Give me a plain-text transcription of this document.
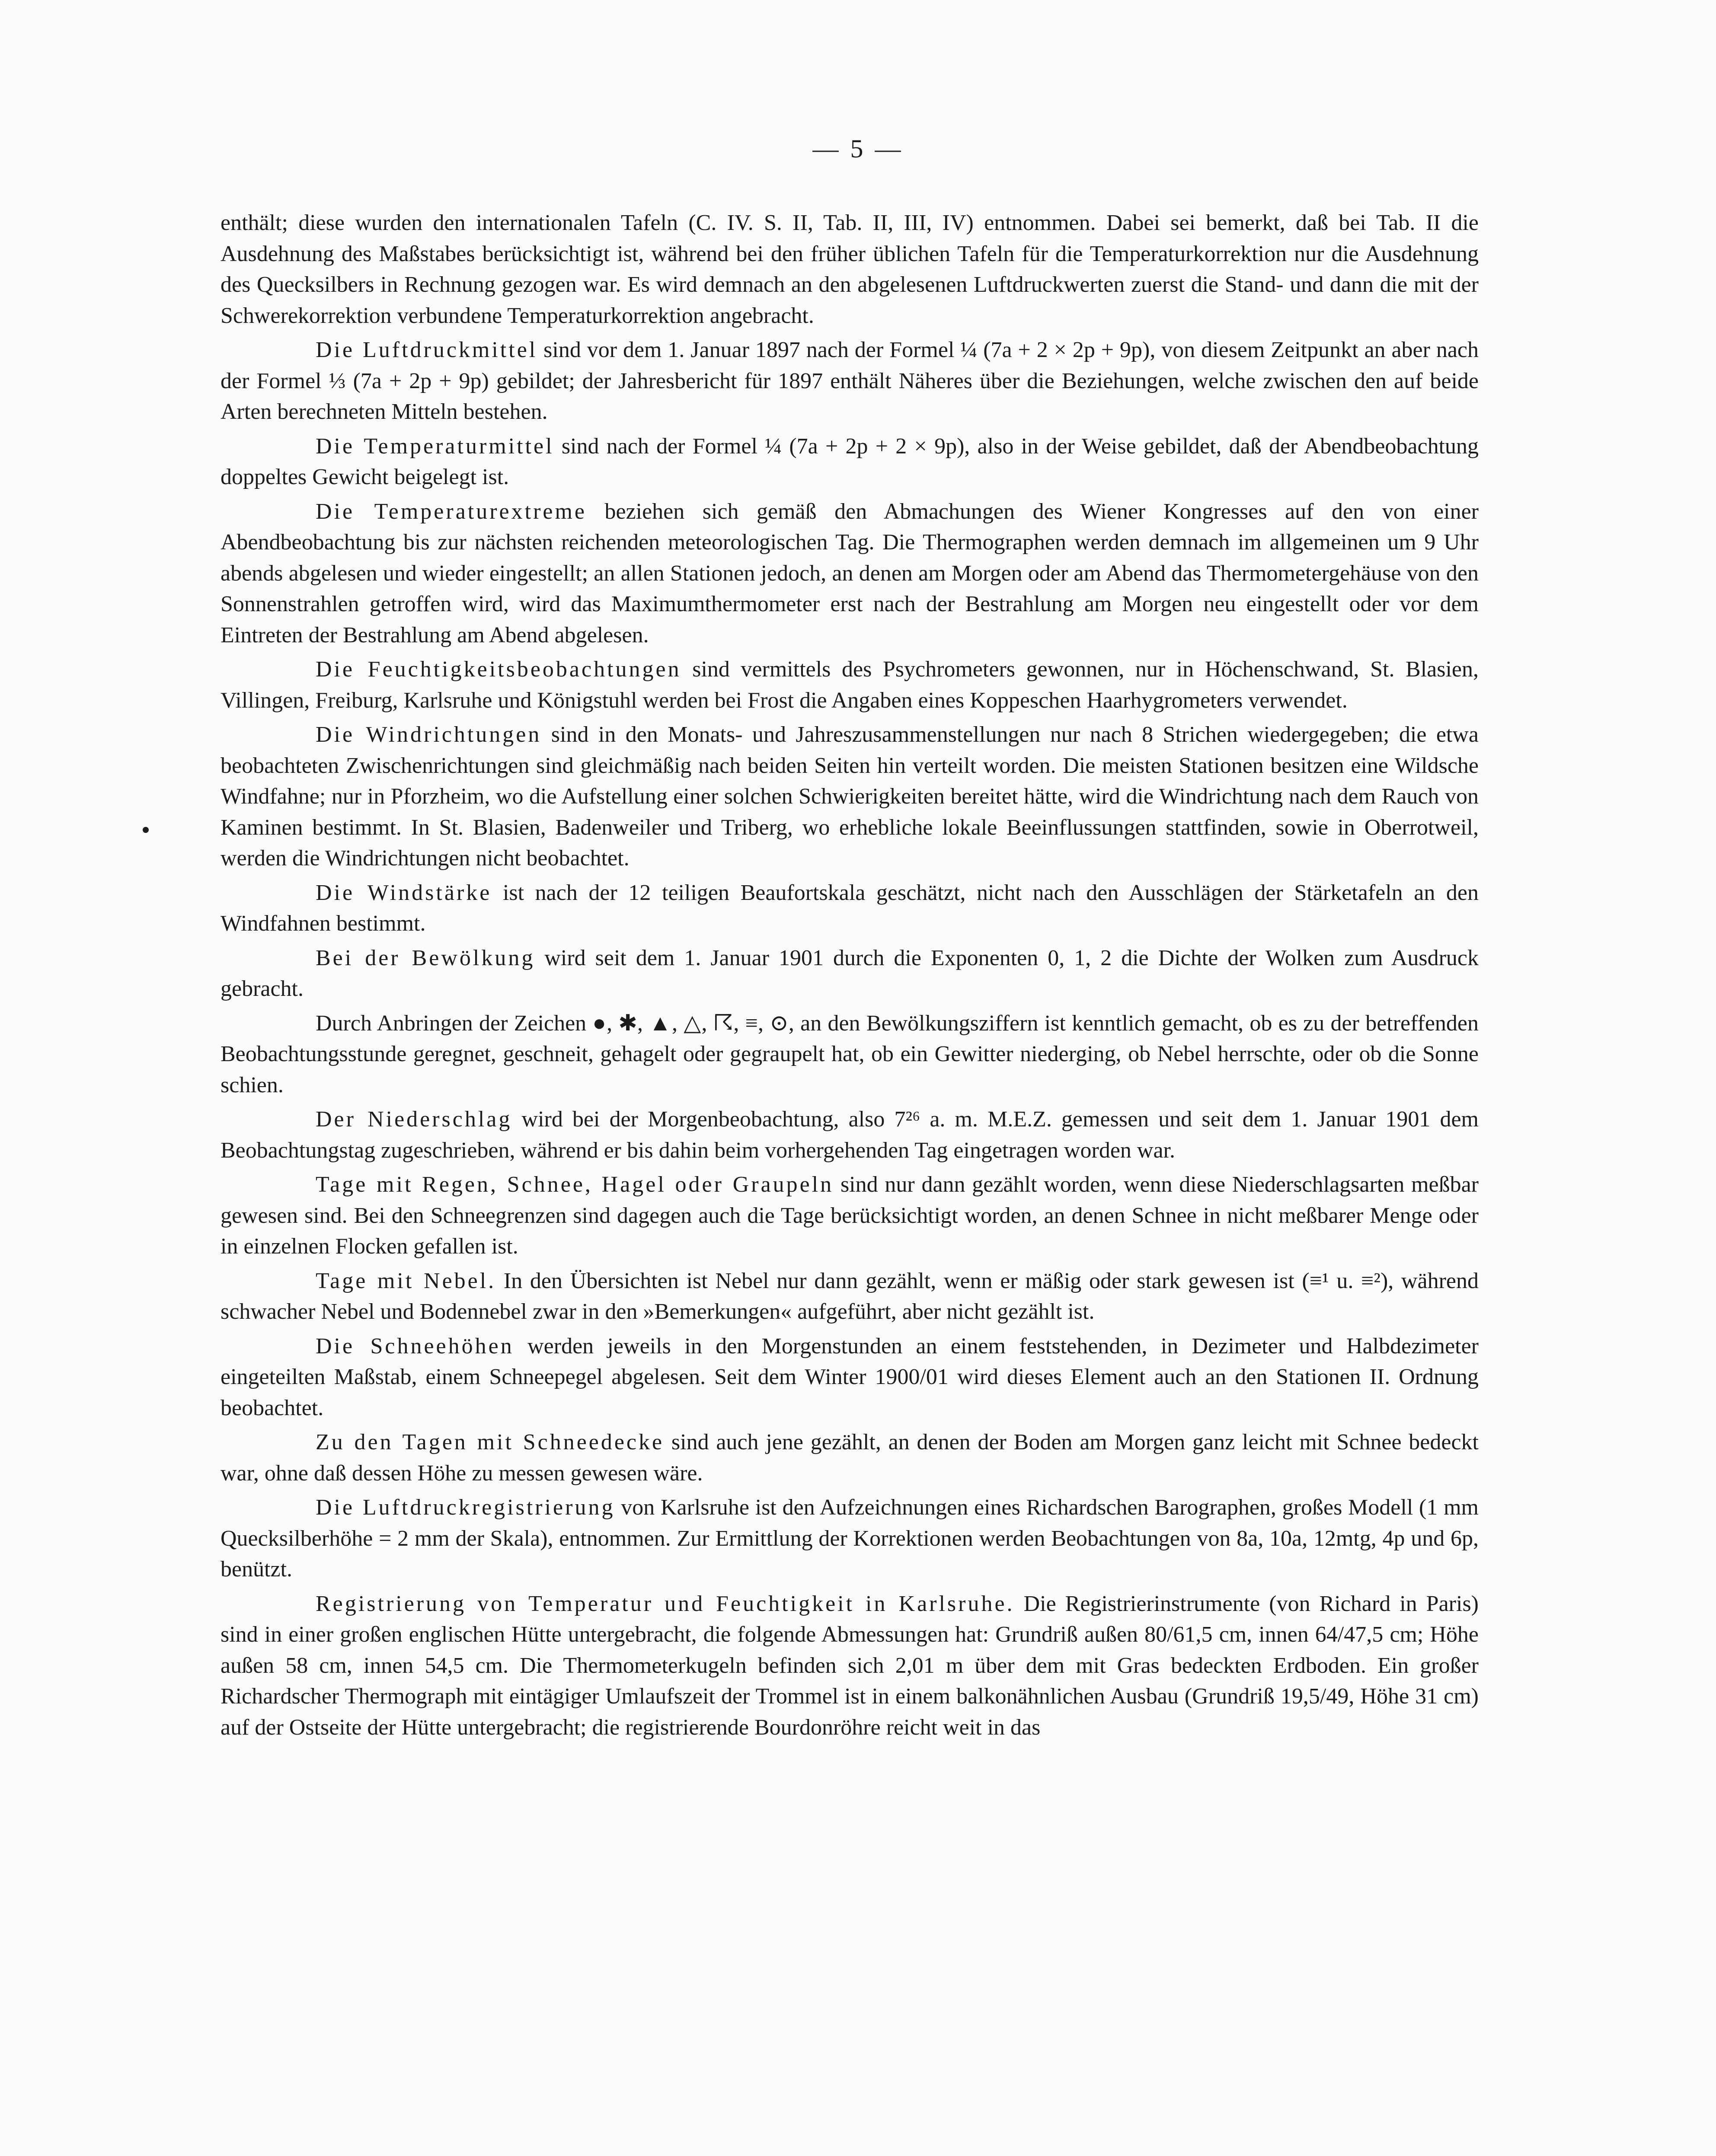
— 5 —

enthält; diese wurden den internationalen Tafeln (C. IV. S. II, Tab. II, III, IV) entnommen. Dabei sei bemerkt, daß bei Tab. II die Ausdehnung des Maßstabes berücksichtigt ist, während bei den früher üblichen Tafeln für die Temperaturkorrektion nur die Ausdehnung des Quecksilbers in Rechnung gezogen war. Es wird demnach an den abgelesenen Luftdruckwerten zuerst die Stand- und dann die mit der Schwerekorrektion verbundene Temperaturkorrektion angebracht.

Die Luftdruckmittel sind vor dem 1. Januar 1897 nach der Formel ¼ (7a + 2 × 2p + 9p), von diesem Zeitpunkt an aber nach der Formel ⅓ (7a + 2p + 9p) gebildet; der Jahresbericht für 1897 enthält Näheres über die Beziehungen, welche zwischen den auf beide Arten berechneten Mitteln bestehen.

Die Temperaturmittel sind nach der Formel ¼ (7a + 2p + 2 × 9p), also in der Weise gebildet, daß der Abendbeobachtung doppeltes Gewicht beigelegt ist.

Die Temperaturextreme beziehen sich gemäß den Abmachungen des Wiener Kongresses auf den von einer Abendbeobachtung bis zur nächsten reichenden meteorologischen Tag. Die Thermographen werden demnach im allgemeinen um 9 Uhr abends abgelesen und wieder eingestellt; an allen Stationen jedoch, an denen am Morgen oder am Abend das Thermometergehäuse von den Sonnenstrahlen getroffen wird, wird das Maximumthermometer erst nach der Bestrahlung am Morgen neu eingestellt oder vor dem Eintreten der Bestrahlung am Abend abgelesen.

Die Feuchtigkeitsbeobachtungen sind vermittels des Psychrometers gewonnen, nur in Höchenschwand, St. Blasien, Villingen, Freiburg, Karlsruhe und Königstuhl werden bei Frost die Angaben eines Koppeschen Haarhygrometers verwendet.

Die Windrichtungen sind in den Monats- und Jahreszusammenstellungen nur nach 8 Strichen wiedergegeben; die etwa beobachteten Zwischenrichtungen sind gleichmäßig nach beiden Seiten hin verteilt worden. Die meisten Stationen besitzen eine Wildsche Windfahne; nur in Pforzheim, wo die Aufstellung einer solchen Schwierigkeiten bereitet hätte, wird die Windrichtung nach dem Rauch von Kaminen bestimmt. In St. Blasien, Badenweiler und Triberg, wo erhebliche lokale Beeinflussungen stattfinden, sowie in Oberrotweil, werden die Windrichtungen nicht beobachtet.

Die Windstärke ist nach der 12 teiligen Beaufortskala geschätzt, nicht nach den Ausschlägen der Stärketafeln an den Windfahnen bestimmt.

Bei der Bewölkung wird seit dem 1. Januar 1901 durch die Exponenten 0, 1, 2 die Dichte der Wolken zum Ausdruck gebracht.

Durch Anbringen der Zeichen ●, ✱, ▲, △, ☈, ≡, ⊙, an den Bewölkungsziffern ist kenntlich gemacht, ob es zu der betreffenden Beobachtungsstunde geregnet, geschneit, gehagelt oder gegraupelt hat, ob ein Gewitter niederging, ob Nebel herrschte, oder ob die Sonne schien.

Der Niederschlag wird bei der Morgenbeobachtung, also 7²⁶ a. m. M.E.Z. gemessen und seit dem 1. Januar 1901 dem Beobachtungstag zugeschrieben, während er bis dahin beim vorhergehenden Tag eingetragen worden war.

Tage mit Regen, Schnee, Hagel oder Graupeln sind nur dann gezählt worden, wenn diese Niederschlagsarten meßbar gewesen sind. Bei den Schneegrenzen sind dagegen auch die Tage berücksichtigt worden, an denen Schnee in nicht meßbarer Menge oder in einzelnen Flocken gefallen ist.

Tage mit Nebel. In den Übersichten ist Nebel nur dann gezählt, wenn er mäßig oder stark gewesen ist (≡¹ u. ≡²), während schwacher Nebel und Bodennebel zwar in den »Bemerkungen« aufgeführt, aber nicht gezählt ist.

Die Schneehöhen werden jeweils in den Morgenstunden an einem feststehenden, in Dezimeter und Halbdezimeter eingeteilten Maßstab, einem Schneepegel abgelesen. Seit dem Winter 1900/01 wird dieses Element auch an den Stationen II. Ordnung beobachtet.

Zu den Tagen mit Schneedecke sind auch jene gezählt, an denen der Boden am Morgen ganz leicht mit Schnee bedeckt war, ohne daß dessen Höhe zu messen gewesen wäre.

Die Luftdruckregistrierung von Karlsruhe ist den Aufzeichnungen eines Richardschen Barographen, großes Modell (1 mm Quecksilberhöhe = 2 mm der Skala), entnommen. Zur Ermittlung der Korrektionen werden Beobachtungen von 8a, 10a, 12mtg, 4p und 6p, benützt.

Registrierung von Temperatur und Feuchtigkeit in Karlsruhe. Die Registrierinstrumente (von Richard in Paris) sind in einer großen englischen Hütte untergebracht, die folgende Abmessungen hat: Grundriß außen 80/61,5 cm, innen 64/47,5 cm; Höhe außen 58 cm, innen 54,5 cm. Die Thermometerkugeln befinden sich 2,01 m über dem mit Gras bedeckten Erdboden. Ein großer Richardscher Thermograph mit eintägiger Umlaufszeit der Trommel ist in einem balkonähnlichen Ausbau (Grundriß 19,5/49, Höhe 31 cm) auf der Ostseite der Hütte untergebracht; die registrierende Bourdonröhre reicht weit in das
